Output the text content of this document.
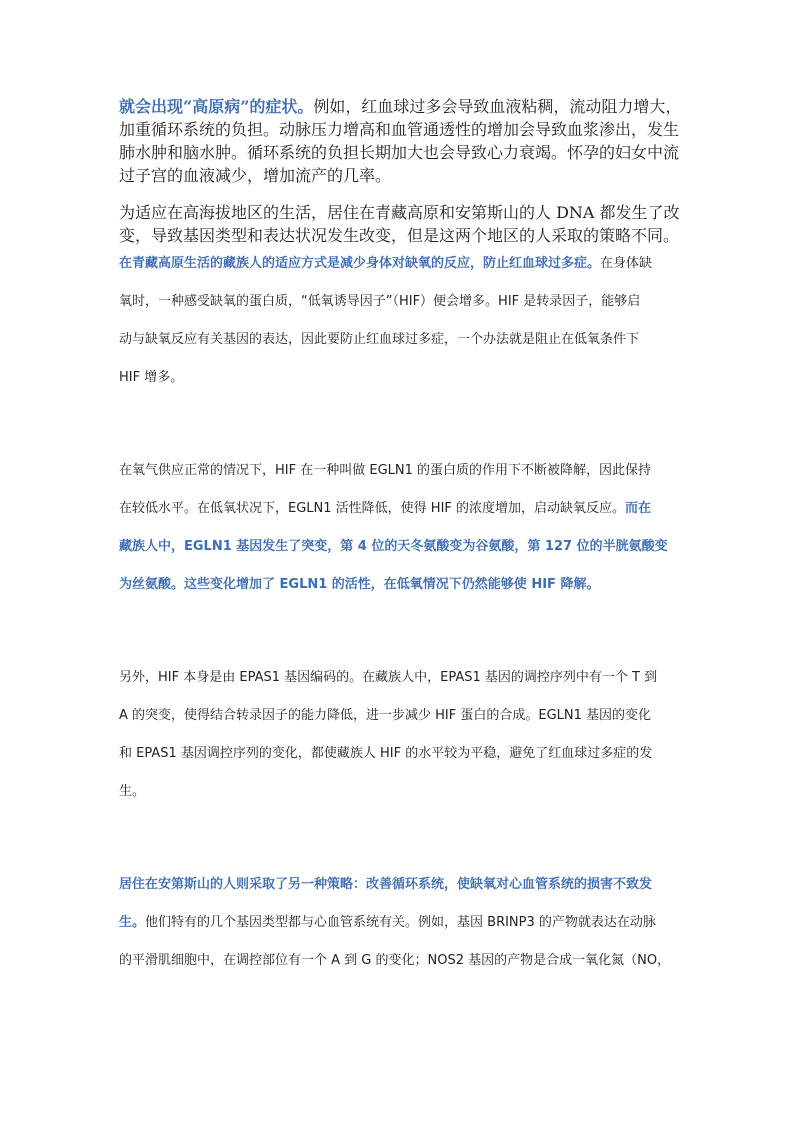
就会出现“高原病”的症状。例如，红血球过多会导致血液粘稠，流动阻力增大，
加重循环系统的负担。动脉压力增高和血管通透性的增加会导致血浆渗出，发生
肺水肿和脑水肿。循环系统的负担长期加大也会导致心力衰竭。怀孕的妇女中流
过子宫的血液减少，增加流产的几率。
为适应在高海拔地区的生活，居住在青藏高原和安第斯山的人 DNA 都发生了改
变，导致基因类型和表达状况发生改变，但是这两个地区的人采取的策略不同。
在青藏高原生活的藏族人的适应方式是减少身体对缺氧的反应，防止红血球过多症。在身体缺
氧时，一种感受缺氧的蛋白质，“低氧诱导因子”（HIF）便会增多。HIF 是转录因子，能够启
动与缺氧反应有关基因的表达，因此要防止红血球过多症，一个办法就是阻止在低氧条件下
HIF 增多。
在氧气供应正常的情况下，HIF 在一种叫做 EGLN1 的蛋白质的作用下不断被降解，因此保持
在较低水平。在低氧状况下，EGLN1 活性降低，使得 HIF 的浓度增加，启动缺氧反应。而在
藏族人中，EGLN1 基因发生了突变，第 4 位的天冬氨酸变为谷氨酸，第 127 位的半胱氨酸变
为丝氨酸。这些变化增加了 EGLN1 的活性，在低氧情况下仍然能够使 HIF 降解。
另外，HIF 本身是由 EPAS1 基因编码的。在藏族人中，EPAS1 基因的调控序列中有一个 T 到
A 的突变，使得结合转录因子的能力降低，进一步减少 HIF 蛋白的合成。EGLN1 基因的变化
和 EPAS1 基因调控序列的变化，都使藏族人 HIF 的水平较为平稳，避免了红血球过多症的发
生。
居住在安第斯山的人则采取了另一种策略：改善循环系统，使缺氧对心血管系统的损害不致发
生。他们特有的几个基因类型都与心血管系统有关。例如，基因 BRINP3 的产物就表达在动脉
的平滑肌细胞中，在调控部位有一个 A 到 G 的变化；NOS2 基因的产物是合成一氧化氮（NO，
